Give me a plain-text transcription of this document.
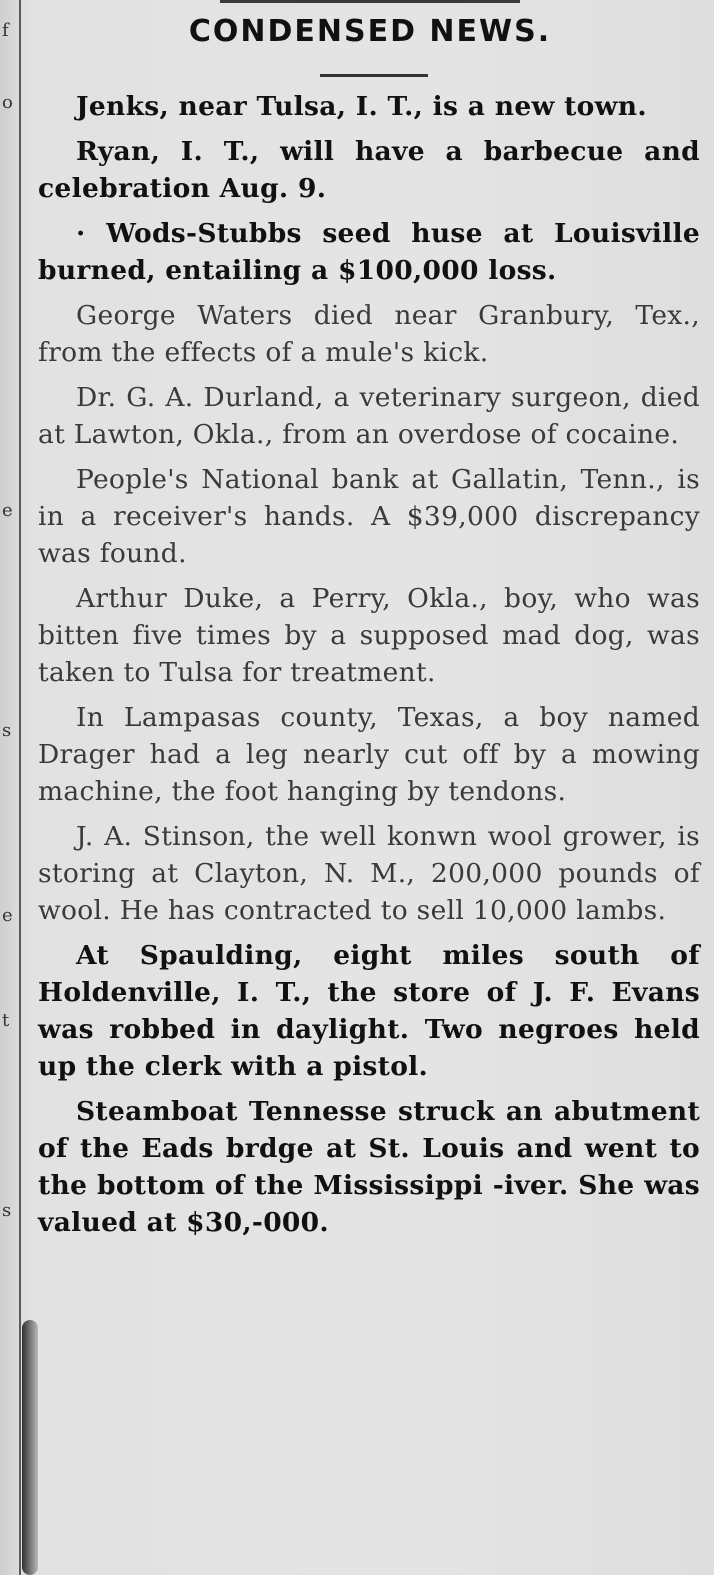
f
o
e
s
e
t
s
CONDENSED NEWS.

Jenks, near Tulsa, I. T., is a new town.

Ryan, I. T., will have a barbecue and celebration Aug. 9.

· Wods-Stubbs seed huse at Louisville burned, entailing a $100,000 loss.

George Waters died near Granbury, Tex., from the effects of a mule's kick.

Dr. G. A. Durland, a veterinary surgeon, died at Lawton, Okla., from an overdose of cocaine.

People's National bank at Gallatin, Tenn., is in a receiver's hands. A $39,000 discrepancy was found.

Arthur Duke, a Perry, Okla., boy, who was bitten five times by a supposed mad dog, was taken to Tulsa for treatment.

In Lampasas county, Texas, a boy named Drager had a leg nearly cut off by a mowing machine, the foot hanging by tendons.

J. A. Stinson, the well konwn wool grower, is storing at Clayton, N. M., 200,000 pounds of wool. He has contracted to sell 10,000 lambs.

At Spaulding, eight miles south of Holdenville, I. T., the store of J. F. Evans was robbed in daylight. Two negroes held up the clerk with a pistol.

Steamboat Tennesse struck an abutment of the Eads brdge at St. Louis and went to the bottom of the Mississippi -iver. She was valued at $30,-000.
